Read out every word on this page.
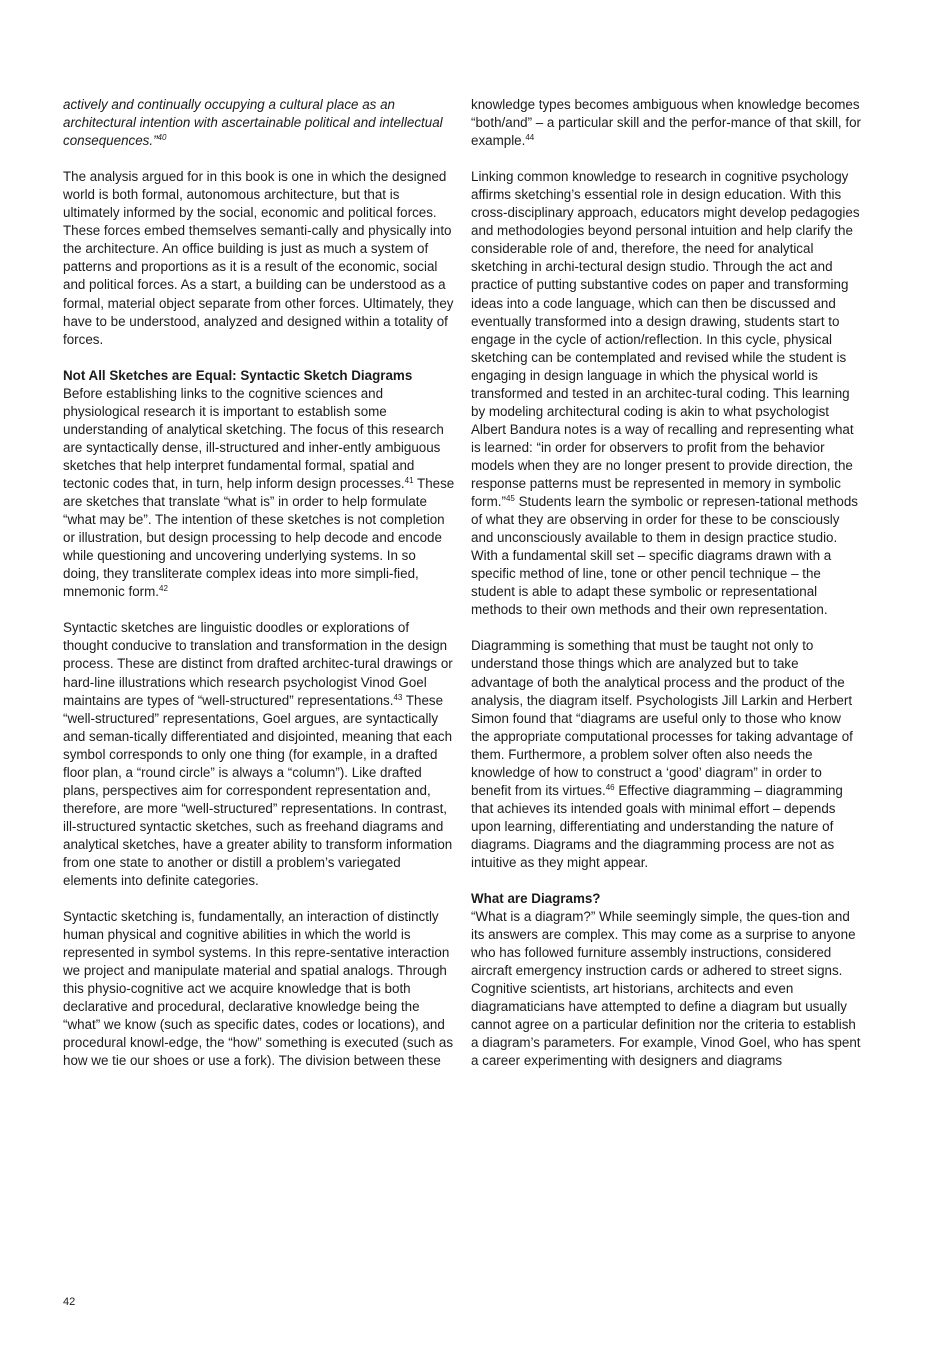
actively and continually occupying a cultural place as an architectural intention with ascertainable political and intellectual consequences.”$^{40}$

The analysis argued for in this book is one in which the designed world is both formal, autonomous architecture, but that is ultimately informed by the social, economic and political forces. These forces embed themselves semanti-cally and physically into the architecture. An office building is just as much a system of patterns and proportions as it is a result of the economic, social and political forces. As a start, a building can be understood as a formal, material object separate from other forces. Ultimately, they have to be understood, analyzed and designed within a totality of forces.

Not All Sketches are Equal: Syntactic Sketch Diagrams

Before establishing links to the cognitive sciences and physiological research it is important to establish some understanding of analytical sketching. The focus of this research are syntactically dense, ill-structured and inher-ently ambiguous sketches that help interpret fundamental formal, spatial and tectonic codes that, in turn, help inform design processes.$^{41}$ These are sketches that translate “what is” in order to help formulate “what may be”. The intention of these sketches is not completion or illustration, but design processing to help decode and encode while questioning and uncovering underlying systems. In so doing, they transliterate complex ideas into more simpli-fied, mnemonic form.$^{42}$

Syntactic sketches are linguistic doodles or explorations of thought conducive to translation and transformation in the design process. These are distinct from drafted architec-tural drawings or hard-line illustrations which research psychologist Vinod Goel maintains are types of “well-structured” representations.$^{43}$ These “well-structured” representations, Goel argues, are syntactically and seman-tically differentiated and disjointed, meaning that each symbol corresponds to only one thing (for example, in a drafted floor plan, a “round circle” is always a “column”). Like drafted plans, perspectives aim for correspondent representation and, therefore, are more “well-structured” representations. In contrast, ill-structured syntactic sketches, such as freehand diagrams and analytical sketches, have a greater ability to transform information from one state to another or distill a problem’s variegated elements into definite categories.

Syntactic sketching is, fundamentally, an interaction of distinctly human physical and cognitive abilities in which the world is represented in symbol systems. In this repre-sentative interaction we project and manipulate material and spatial analogs. Through this physio-cognitive act we acquire knowledge that is both declarative and procedural, declarative knowledge being the “what” we know (such as specific dates, codes or locations), and procedural knowl-edge, the “how” something is executed (such as how we tie our shoes or use a fork). The division between these

knowledge types becomes ambiguous when knowledge becomes “both/and” – a particular skill and the perfor-mance of that skill, for example.$^{44}$

Linking common knowledge to research in cognitive psychology affirms sketching’s essential role in design education. With this cross-disciplinary approach, educators might develop pedagogies and methodologies beyond personal intuition and help clarify the considerable role of and, therefore, the need for analytical sketching in archi-tectural design studio. Through the act and practice of putting substantive codes on paper and transforming ideas into a code language, which can then be discussed and eventually transformed into a design drawing, students start to engage in the cycle of action/reflection. In this cycle, physical sketching can be contemplated and revised while the student is engaging in design language in which the physical world is transformed and tested in an architec-tural coding. This learning by modeling architectural coding is akin to what psychologist Albert Bandura notes is a way of recalling and representing what is learned: “in order for observers to profit from the behavior models when they are no longer present to provide direction, the response patterns must be represented in memory in symbolic form.”$^{45}$ Students learn the symbolic or represen-tational methods of what they are observing in order for these to be consciously and unconsciously available to them in design practice studio. With a fundamental skill set – specific diagrams drawn with a specific method of line, tone or other pencil technique – the student is able to adapt these symbolic or representational methods to their own methods and their own representation.

Diagramming is something that must be taught not only to understand those things which are analyzed but to take advantage of both the analytical process and the product of the analysis, the diagram itself. Psychologists Jill Larkin and Herbert Simon found that “diagrams are useful only to those who know the appropriate computational processes for taking advantage of them. Furthermore, a problem solver often also needs the knowledge of how to construct a ‘good’ diagram” in order to benefit from its virtues.$^{46}$ Effective diagramming – diagramming that achieves its intended goals with minimal effort – depends upon learning, differentiating and understanding the nature of diagrams. Diagrams and the diagramming process are not as intuitive as they might appear.

What are Diagrams?

“What is a diagram?” While seemingly simple, the ques-tion and its answers are complex. This may come as a surprise to anyone who has followed furniture assembly instructions, considered aircraft emergency instruction cards or adhered to street signs. Cognitive scientists, art historians, architects and even diagramaticians have attempted to define a diagram but usually cannot agree on a particular definition nor the criteria to establish a diagram’s parameters. For example, Vinod Goel, who has spent a career experimenting with designers and diagrams

42
